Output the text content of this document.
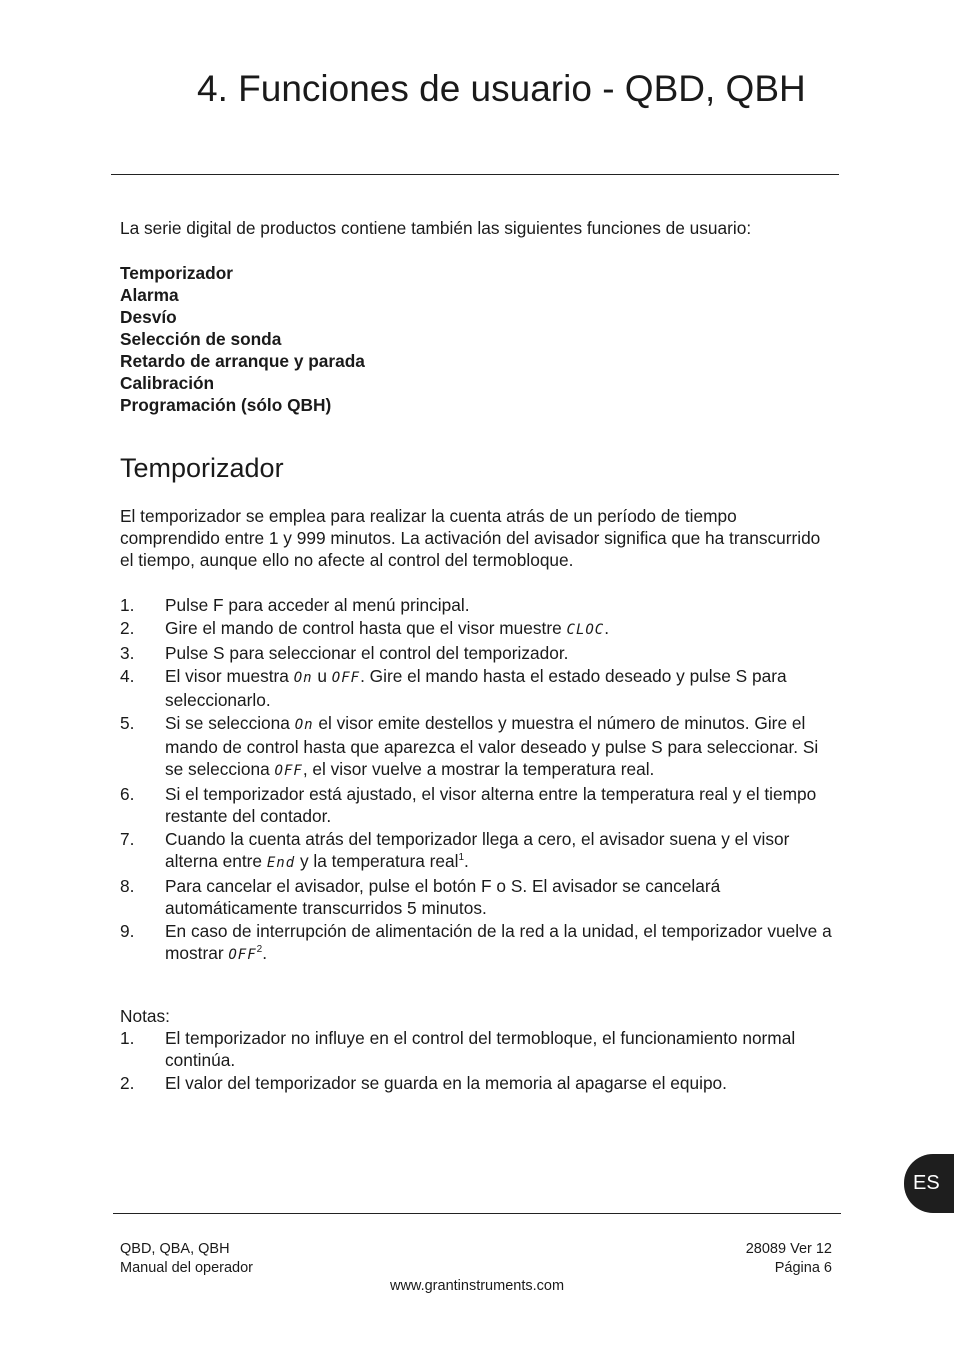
4. Funciones de usuario - QBD, QBH
La serie digital de productos contiene también las siguientes funciones de usuario:
Temporizador
Alarma
Desvío
Selección de sonda
Retardo de arranque y parada
Calibración
Programación (sólo QBH)
Temporizador
El temporizador se emplea para realizar la cuenta atrás de un período de tiempo comprendido entre 1 y 999 minutos. La activación del avisador significa que ha transcurrido el tiempo, aunque ello no afecte al control del termobloque.
1. Pulse F para acceder al menú principal.
2. Gire el mando de control hasta que el visor muestre CLOC.
3. Pulse S para seleccionar el control del temporizador.
4. El visor muestra On u OFF. Gire el mando hasta el estado deseado y pulse S para seleccionarlo.
5. Si se selecciona On el visor emite destellos y muestra el número de minutos. Gire el mando de control hasta que aparezca el valor deseado y pulse S para seleccionar. Si se selecciona OFF, el visor vuelve a mostrar la temperatura real.
6. Si el temporizador está ajustado, el visor alterna entre la temperatura real y el tiempo restante del contador.
7. Cuando la cuenta atrás del temporizador llega a cero, el avisador suena y el visor alterna entre End y la temperatura real$^1$.
8. Para cancelar el avisador, pulse el botón F o S. El avisador se cancelará automáticamente transcurridos 5 minutos.
9. En caso de interrupción de alimentación de la red a la unidad, el temporizador vuelve a mostrar OFF$^2$.
Notas:
1. El temporizador no influye en el control del termobloque, el funcionamiento normal continúa.
2. El valor del temporizador se guarda en la memoria al apagarse el equipo.
ES
QBD, QBA, QBH
Manual del operador
28089 Ver 12
Página 6
www.grantinstruments.com
